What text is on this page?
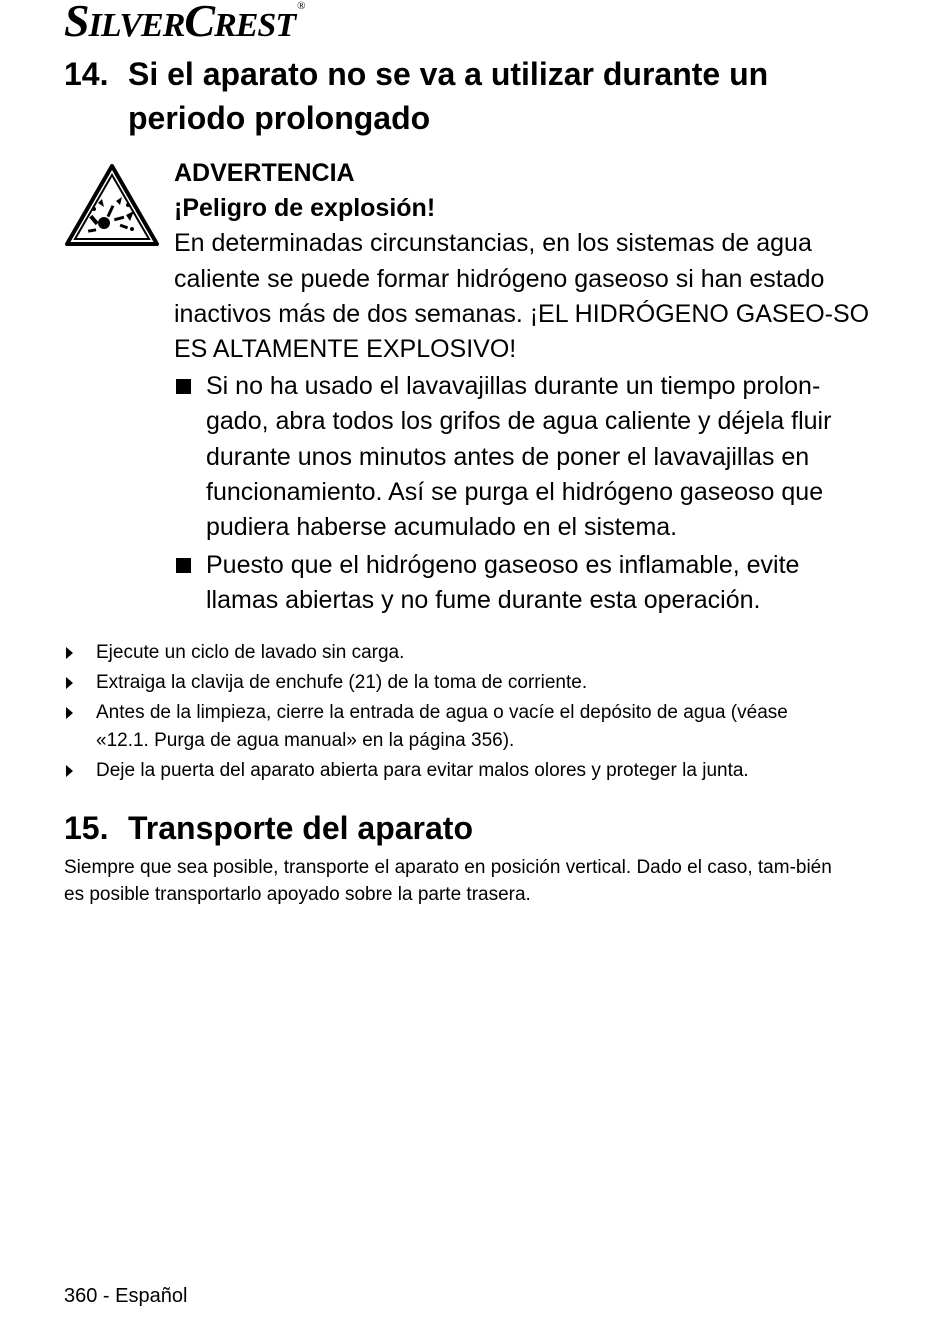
SILVERCREST®
14. Si el aparato no se va a utilizar durante un
periodo prolongado
ADVERTENCIA
¡Peligro de explosión!

En determinadas circunstancias, en los sistemas de agua caliente se puede formar hidrógeno gaseoso si han estado inactivos más de dos semanas. ¡EL HIDRÓGENO GASEO-SO ES ALTAMENTE EXPLOSIVO!

Si no ha usado el lavavajillas durante un tiempo prolon-gado, abra todos los grifos de agua caliente y déjela fluir durante unos minutos antes de poner el lavavajillas en funcionamiento. Así se purga el hidrógeno gaseoso que pudiera haberse acumulado en el sistema.
Puesto que el hidrógeno gaseoso es inflamable, evite llamas abiertas y no fume durante esta operación.
Ejecute un ciclo de lavado sin carga.
Extraiga la clavija de enchufe (21) de la toma de corriente.
Antes de la limpieza, cierre la entrada de agua o vacíe el depósito de agua (véase «12.1. Purga de agua manual» en la página 356).
Deje la puerta del aparato abierta para evitar malos olores y proteger la junta.
15. Transporte del aparato

Siempre que sea posible, transporte el aparato en posición vertical. Dado el caso, tam-bién es posible transportarlo apoyado sobre la parte trasera.

360 - Español
